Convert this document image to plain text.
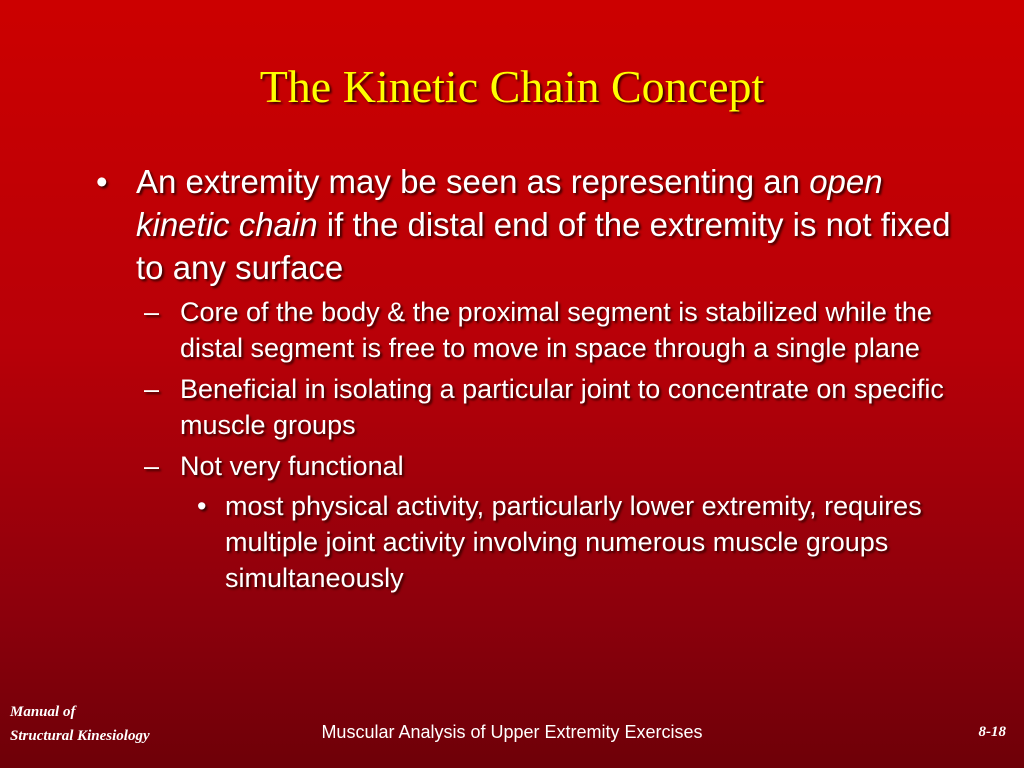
The Kinetic Chain Concept
• An extremity may be seen as representing an open kinetic chain if the distal end of the extremity is not fixed to any surface
– Core of the body & the proximal segment is stabilized while the distal segment is free to move in space through a single plane
– Beneficial in isolating a particular joint to concentrate on specific muscle groups
– Not very functional
• most physical activity, particularly lower extremity, requires multiple joint activity involving numerous muscle groups simultaneously
Manual of
Structural Kinesiology	Muscular Analysis of Upper Extremity Exercises	8-18
